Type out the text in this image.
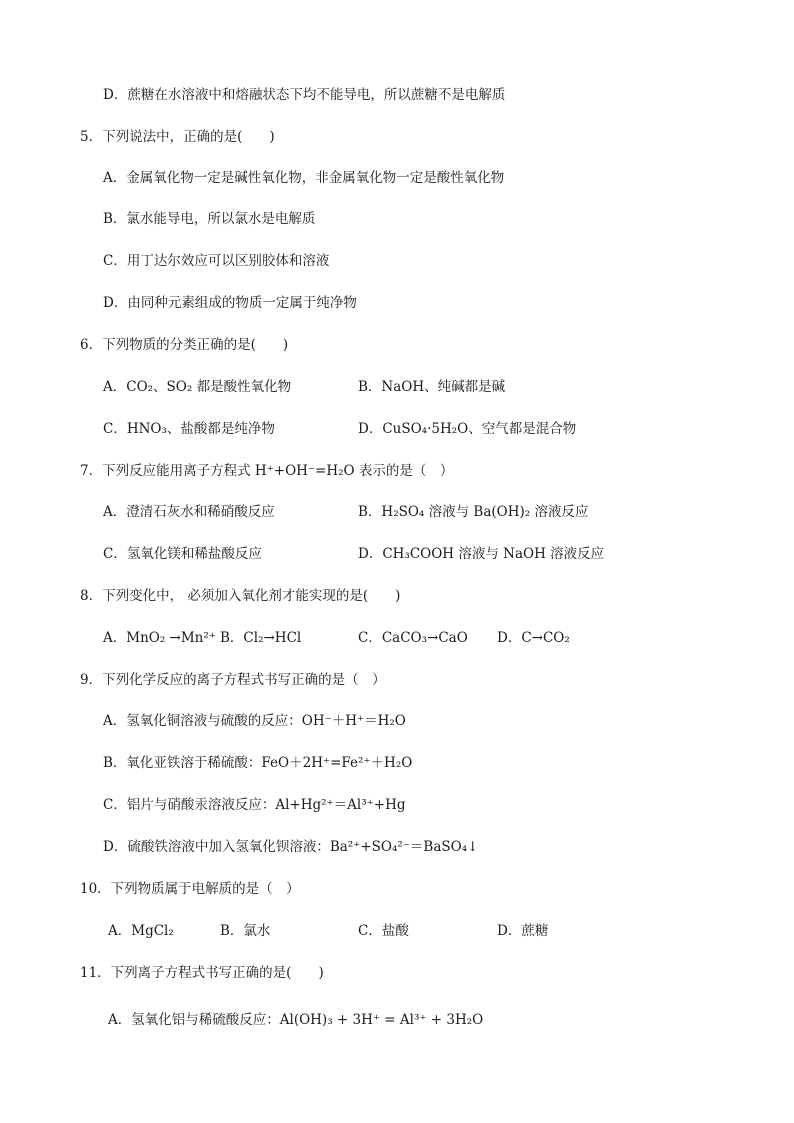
D．蔗糖在水溶液中和熔融状态下均不能导电，所以蔗糖不是电解质
5．下列说法中，正确的是(　　)
A．金属氧化物一定是碱性氧化物，非金属氧化物一定是酸性氧化物
B．氯水能导电，所以氯水是电解质
C．用丁达尔效应可以区别胶体和溶液
D．由同种元素组成的物质一定属于纯净物
6．下列物质的分类正确的是(　　)
A．CO₂、SO₂ 都是酸性氧化物	B．NaOH、纯碱都是碱
C．HNO₃、盐酸都是纯净物	D．CuSO₄·5H₂O、空气都是混合物
7．下列反应能用离子方程式 H⁺+OH⁻=H₂O 表示的是（　）
A．澄清石灰水和稀硝酸反应	B．H₂SO₄ 溶液与 Ba(OH)₂ 溶液反应
C．氢氧化镁和稀盐酸反应	D．CH₃COOH 溶液与 NaOH 溶液反应
8．下列变化中， 必须加入氧化剂才能实现的是(　　)
A．MnO₂ →Mn²⁺ B．Cl₂→HCl	C．CaCO₃→CaO D．C→CO₂
9．下列化学反应的离子方程式书写正确的是（　）
A．氢氧化铜溶液与硫酸的反应：OH⁻＋H⁺＝H₂O
B．氧化亚铁溶于稀硫酸：FeO＋2H⁺=Fe²⁺＋H₂O
C．铝片与硝酸汞溶液反应：Al+Hg²⁺＝Al³⁺+Hg
D．硫酸铁溶液中加入氢氧化钡溶液：Ba²⁺+SO₄²⁻＝BaSO₄↓
10．下列物质属于电解质的是（　）
A．MgCl₂	B．氯水	C．盐酸	D．蔗糖
11．下列离子方程式书写正确的是(　　)
A．氢氧化铝与稀硫酸反应：Al(OH)₃ + 3H⁺ = Al³⁺ + 3H₂O
